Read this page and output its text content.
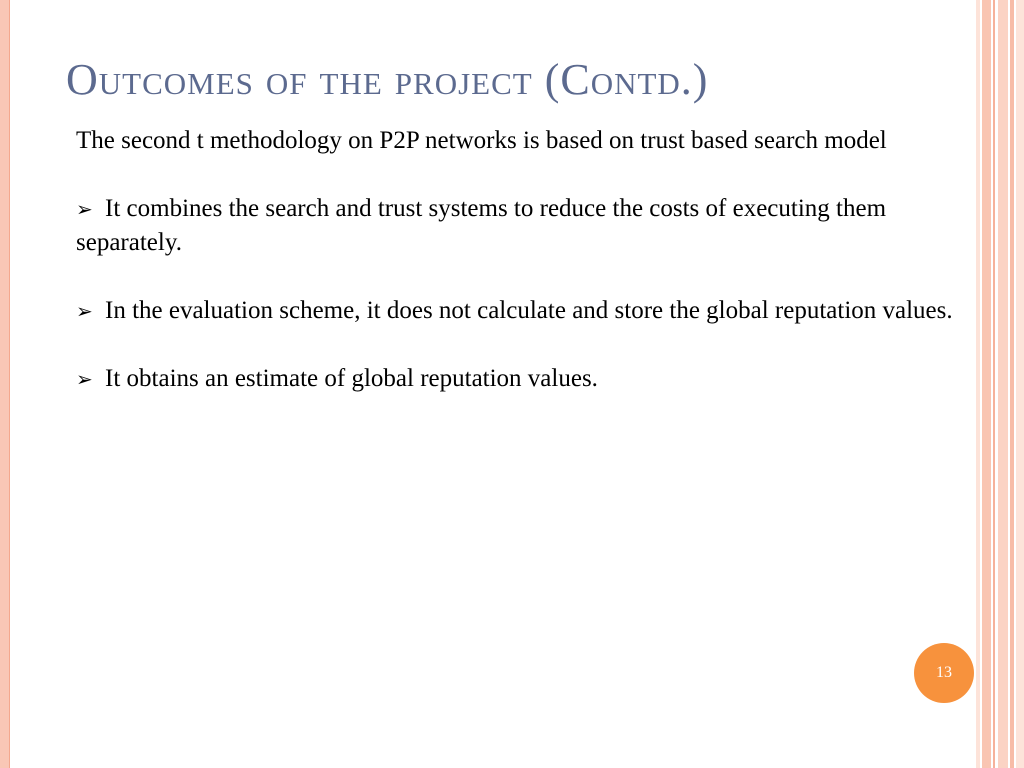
Outcomes of the project (Contd.)

The second t methodology on P2P networks is based on trust based search model

➢ It combines the search and trust systems to reduce the costs of executing them separately.
➢ In the evaluation scheme, it does not calculate and store the global reputation values.
➢ It obtains an estimate of global reputation values.
13
